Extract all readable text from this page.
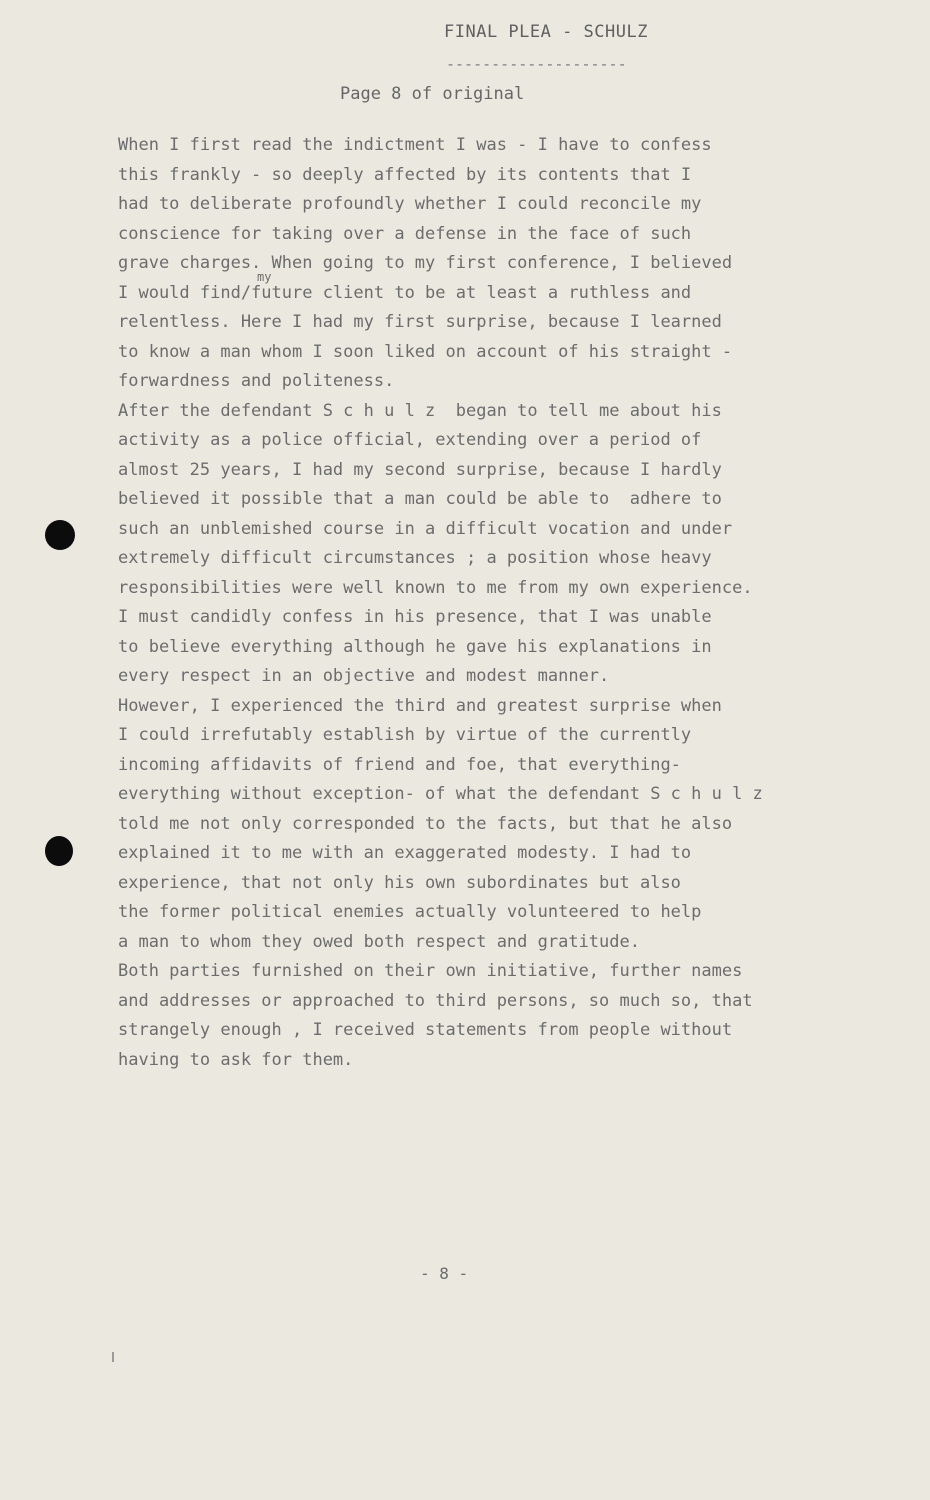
FINAL PLEA - SCHULZ
--------------------
Page 8 of original
my
When I first read the indictment I was - I have to confess
this frankly - so deeply affected by its contents that I
had to deliberate profoundly whether I could reconcile my
conscience for taking over a defense in the face of such
grave charges. When going to my first conference, I believed
I would find/future client to be at least a ruthless and
relentless. Here I had my first surprise, because I learned
to know a man whom I soon liked on account of his straight -
forwardness and politeness.
After the defendant S c h u l z  began to tell me about his
activity as a police official, extending over a period of
almost 25 years, I had my second surprise, because I hardly
believed it possible that a man could be able to  adhere to
such an unblemished course in a difficult vocation and under
extremely difficult circumstances ; a position whose heavy
responsibilities were well known to me from my own experience.
I must candidly confess in his presence, that I was unable
to believe everything although he gave his explanations in
every respect in an objective and modest manner.
However, I experienced the third and greatest surprise when
I could irrefutably establish by virtue of the currently
incoming affidavits of friend and foe, that everything-
everything without exception- of what the defendant S c h u l z
told me not only corresponded to the facts, but that he also
explained it to me with an exaggerated modesty. I had to
experience, that not only his own subordinates but also
the former political enemies actually volunteered to help
a man to whom they owed both respect and gratitude.
Both parties furnished on their own initiative, further names
and addresses or approached to third persons, so much so, that
strangely enough , I received statements from people without
having to ask for them.
- 8 -
